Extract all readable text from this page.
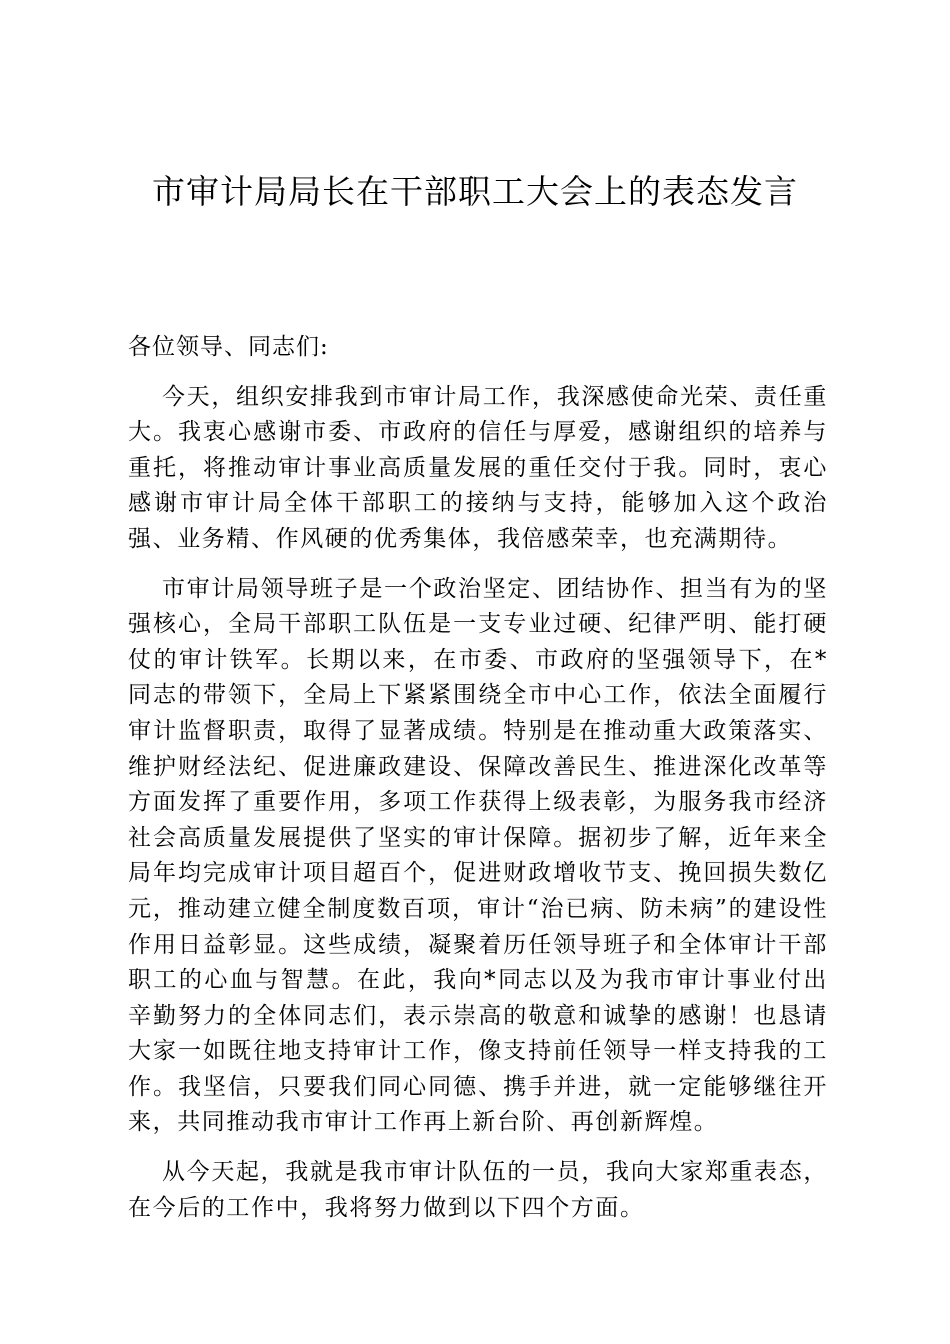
市审计局局长在干部职工大会上的表态发言

各位领导、同志们:

今天，组织安排我到市审计局工作，我深感使命光荣、责任重大。我衷心感谢市委、市政府的信任与厚爱，感谢组织的培养与重托，将推动审计事业高质量发展的重任交付于我。同时，衷心感谢市审计局全体干部职工的接纳与支持，能够加入这个政治强、业务精、作风硬的优秀集体，我倍感荣幸，也充满期待。

市审计局领导班子是一个政治坚定、团结协作、担当有为的坚强核心，全局干部职工队伍是一支专业过硬、纪律严明、能打硬仗的审计铁军。长期以来，在市委、市政府的坚强领导下，在*同志的带领下，全局上下紧紧围绕全市中心工作，依法全面履行审计监督职责，取得了显著成绩。特别是在推动重大政策落实、维护财经法纪、促进廉政建设、保障改善民生、推进深化改革等方面发挥了重要作用，多项工作获得上级表彰，为服务我市经济社会高质量发展提供了坚实的审计保障。据初步了解，近年来全局年均完成审计项目超百个，促进财政增收节支、挽回损失数亿元，推动建立健全制度数百项，审计“治已病、防未病”的建设性作用日益彰显。这些成绩，凝聚着历任领导班子和全体审计干部职工的心血与智慧。在此，我向*同志以及为我市审计事业付出辛勤努力的全体同志们，表示崇高的敬意和诚挚的感谢！也恳请大家一如既往地支持审计工作，像支持前任领导一样支持我的工作。我坚信，只要我们同心同德、携手并进，就一定能够继往开来，共同推动我市审计工作再上新台阶、再创新辉煌。

从今天起，我就是我市审计队伍的一员，我向大家郑重表态，在今后的工作中，我将努力做到以下四个方面。
